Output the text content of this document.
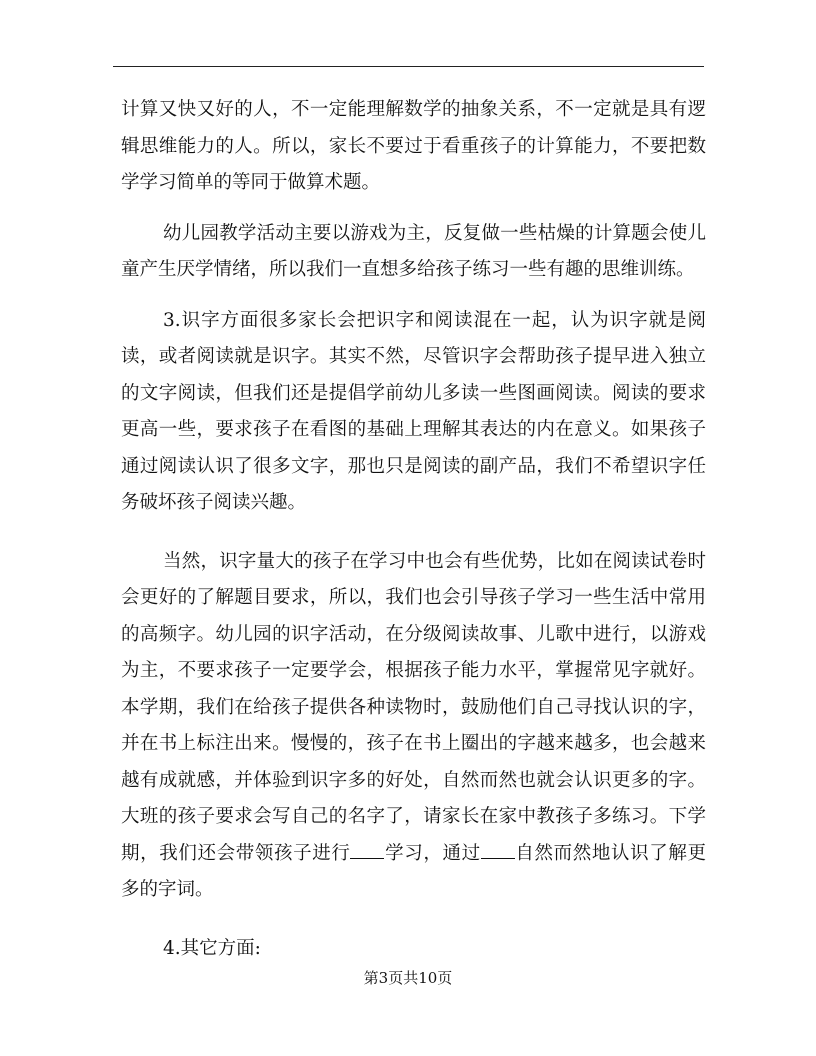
计算又快又好的人，不一定能理解数学的抽象关系，不一定就是具有逻辑思维能力的人。所以，家长不要过于看重孩子的计算能力，不要把数学学习简单的等同于做算术题。

幼儿园教学活动主要以游戏为主，反复做一些枯燥的计算题会使儿童产生厌学情绪，所以我们一直想多给孩子练习一些有趣的思维训练。

3.识字方面很多家长会把识字和阅读混在一起，认为识字就是阅读，或者阅读就是识字。其实不然，尽管识字会帮助孩子提早进入独立的文字阅读，但我们还是提倡学前幼儿多读一些图画阅读。阅读的要求更高一些，要求孩子在看图的基础上理解其表达的内在意义。如果孩子通过阅读认识了很多文字，那也只是阅读的副产品，我们不希望识字任务破坏孩子阅读兴趣。

当然，识字量大的孩子在学习中也会有些优势，比如在阅读试卷时会更好的了解题目要求，所以，我们也会引导孩子学习一些生活中常用的高频字。幼儿园的识字活动，在分级阅读故事、儿歌中进行，以游戏为主，不要求孩子一定要学会，根据孩子能力水平，掌握常见字就好。本学期，我们在给孩子提供各种读物时，鼓励他们自己寻找认识的字，并在书上标注出来。慢慢的，孩子在书上圈出的字越来越多，也会越来越有成就感，并体验到识字多的好处，自然而然也就会认识更多的字。大班的孩子要求会写自己的名字了，请家长在家中教孩子多练习。下学期，我们还会带领孩子进行 学习，通过 自然而然地认识了解更多的字词。

4.其它方面:

第3页共10页
